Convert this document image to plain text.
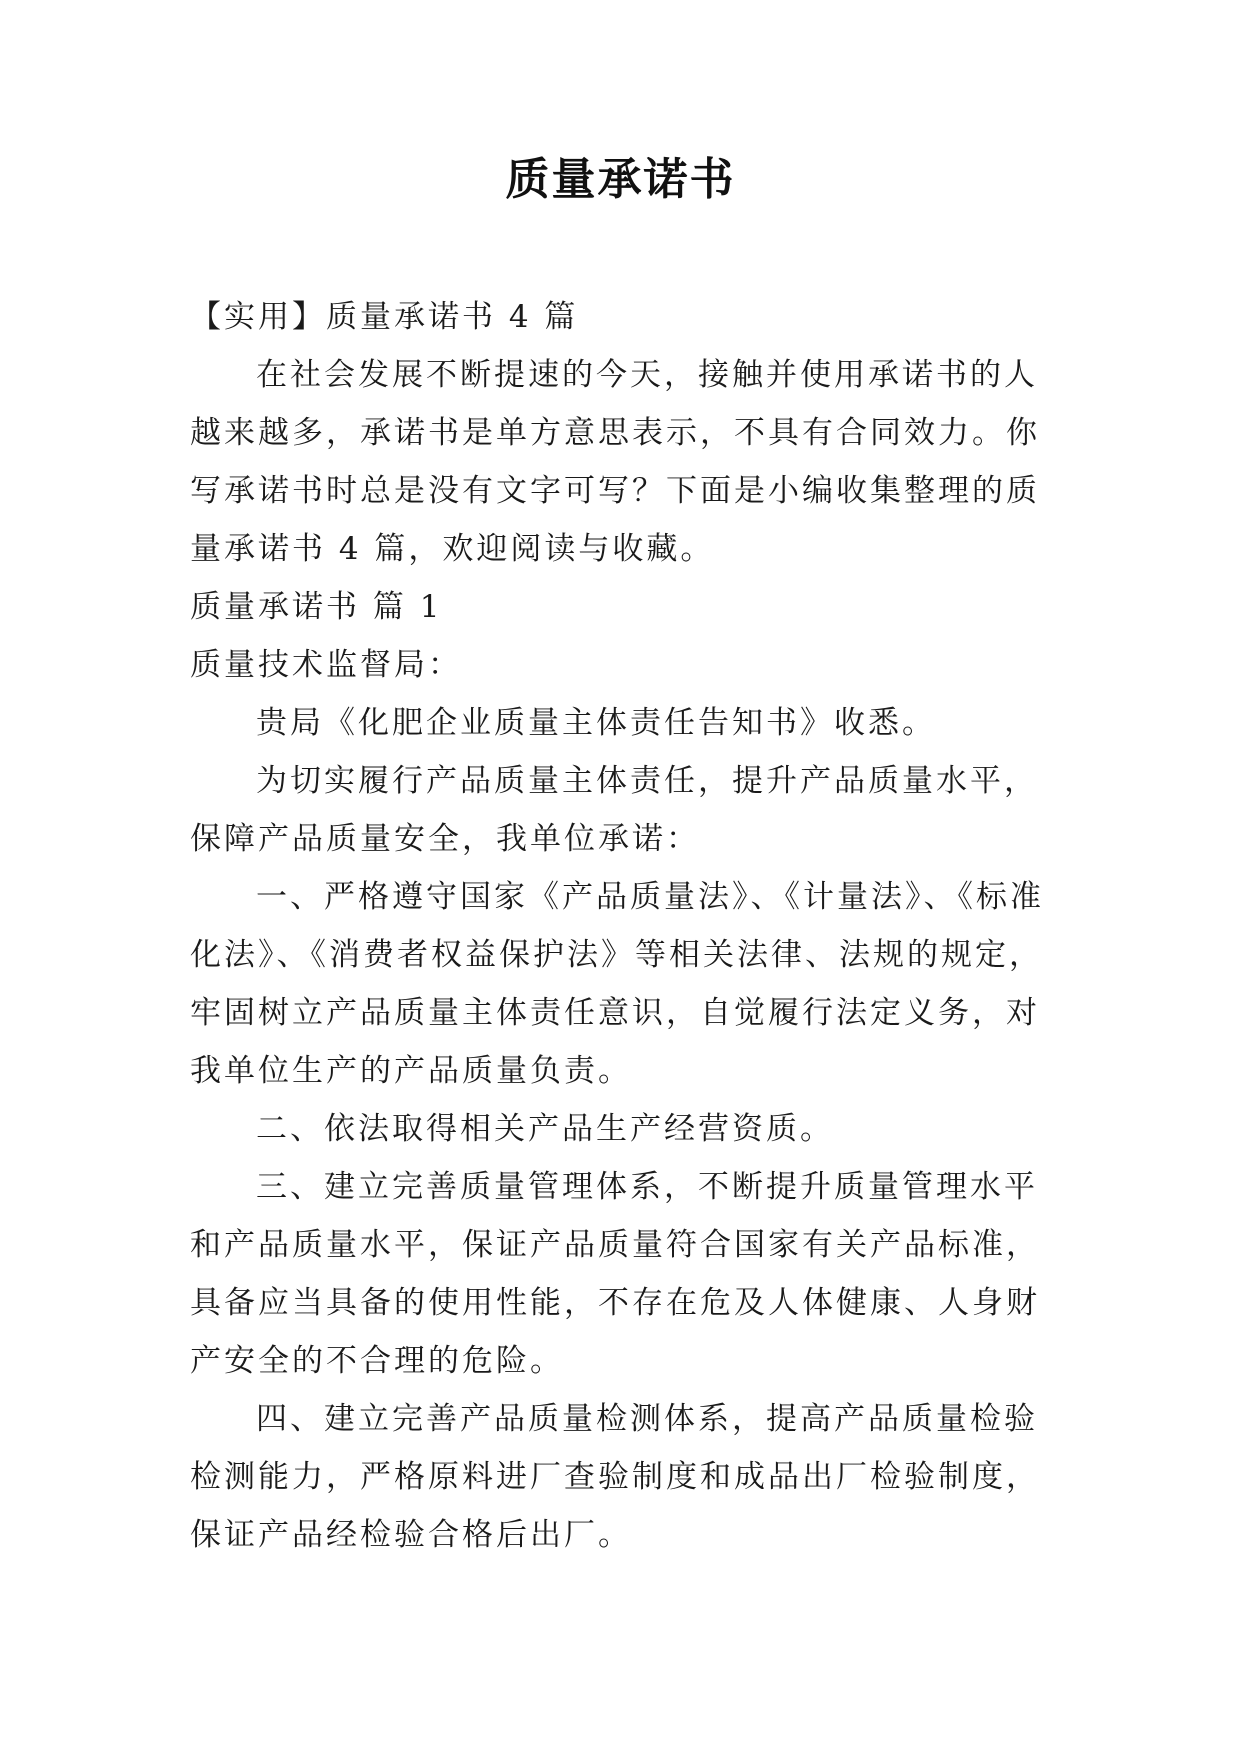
质量承诺书

【实用】质量承诺书 4 篇

在社会发展不断提速的今天，接触并使用承诺书的人越来越多，承诺书是单方意思表示，不具有合同效力。你写承诺书时总是没有文字可写？下面是小编收集整理的质量承诺书 4 篇，欢迎阅读与收藏。

质量承诺书 篇 1

质量技术监督局：

贵局《化肥企业质量主体责任告知书》收悉。

为切实履行产品质量主体责任，提升产品质量水平，保障产品质量安全，我单位承诺：

一、严格遵守国家《产品质量法》、《计量法》、《标准化法》、《消费者权益保护法》等相关法律、法规的规定，牢固树立产品质量主体责任意识，自觉履行法定义务，对我单位生产的产品质量负责。

二、依法取得相关产品生产经营资质。

三、建立完善质量管理体系，不断提升质量管理水平和产品质量水平，保证产品质量符合国家有关产品标准，具备应当具备的使用性能，不存在危及人体健康、人身财产安全的不合理的危险。

四、建立完善产品质量检测体系，提高产品质量检验检测能力，严格原料进厂查验制度和成品出厂检验制度，保证产品经检验合格后出厂。
